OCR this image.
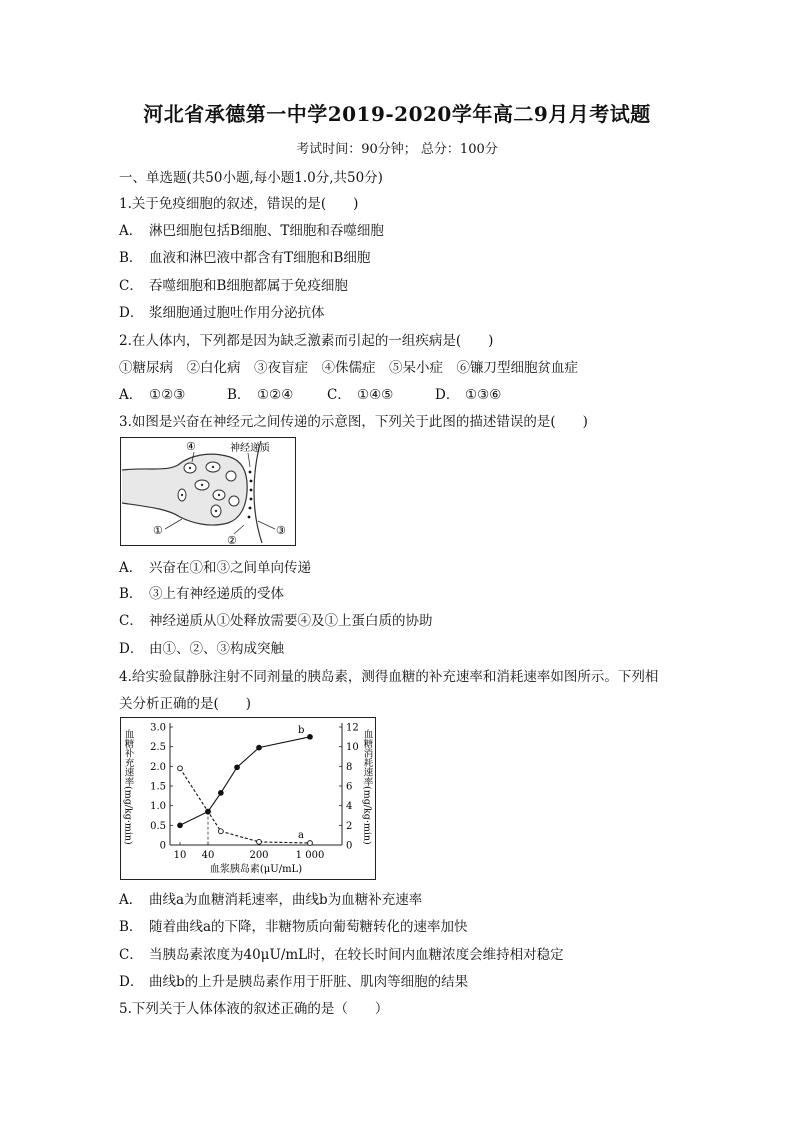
河北省承德第一中学2019-2020学年高二9月月考试题
考试时间：90分钟； 总分：100分
一、单选题(共50小题,每小题1.0分,共50分)
1.关于免疫细胞的叙述，错误的是(　　)
A． 淋巴细胞包括B细胞、T细胞和吞噬细胞
B． 血液和淋巴液中都含有T细胞和B细胞
C． 吞噬细胞和B细胞都属于免疫细胞
D． 浆细胞通过胞吐作用分泌抗体
2.在人体内，下列都是因为缺乏激素而引起的一组疾病是(　　)
①糖尿病　②白化病　③夜盲症　④侏儒症　⑤呆小症　⑥镰刀型细胞贫血症
A． ①②③	B． ①②④ C． ①④⑤	D． ①③⑥
3.如图是兴奋在神经元之间传递的示意图，下列关于此图的描述错误的是(　　)
神经递质
④
①
②
③
A． 兴奋在①和③之间单向传递
B． ③上有神经递质的受体
C． 神经递质从①处释放需要④及①上蛋白质的协助
D． 由①、②、③构成突触
4.给实验鼠静脉注射不同剂量的胰岛素，测得血糖的补充速率和消耗速率如图所示。下列相
关分析正确的是(　　)
0
0.5
1.0
1.5
2.0
2.5
3.0
0
2
4
6
8
10
12
10 40	200	1 000
血浆胰岛素(μU/mL)
血糖补充速率(mg/kg·min)	血糖消耗速率(mg/kg·min)
a
b
A． 曲线a为血糖消耗速率，曲线b为血糖补充速率
B． 随着曲线a的下降，非糖物质向葡萄糖转化的速率加快
C． 当胰岛素浓度为40μU/mL时，在较长时间内血糖浓度会维持相对稳定
D． 曲线b的上升是胰岛素作用于肝脏、肌肉等细胞的结果
5.下列关于人体体液的叙述正确的是（　　）
